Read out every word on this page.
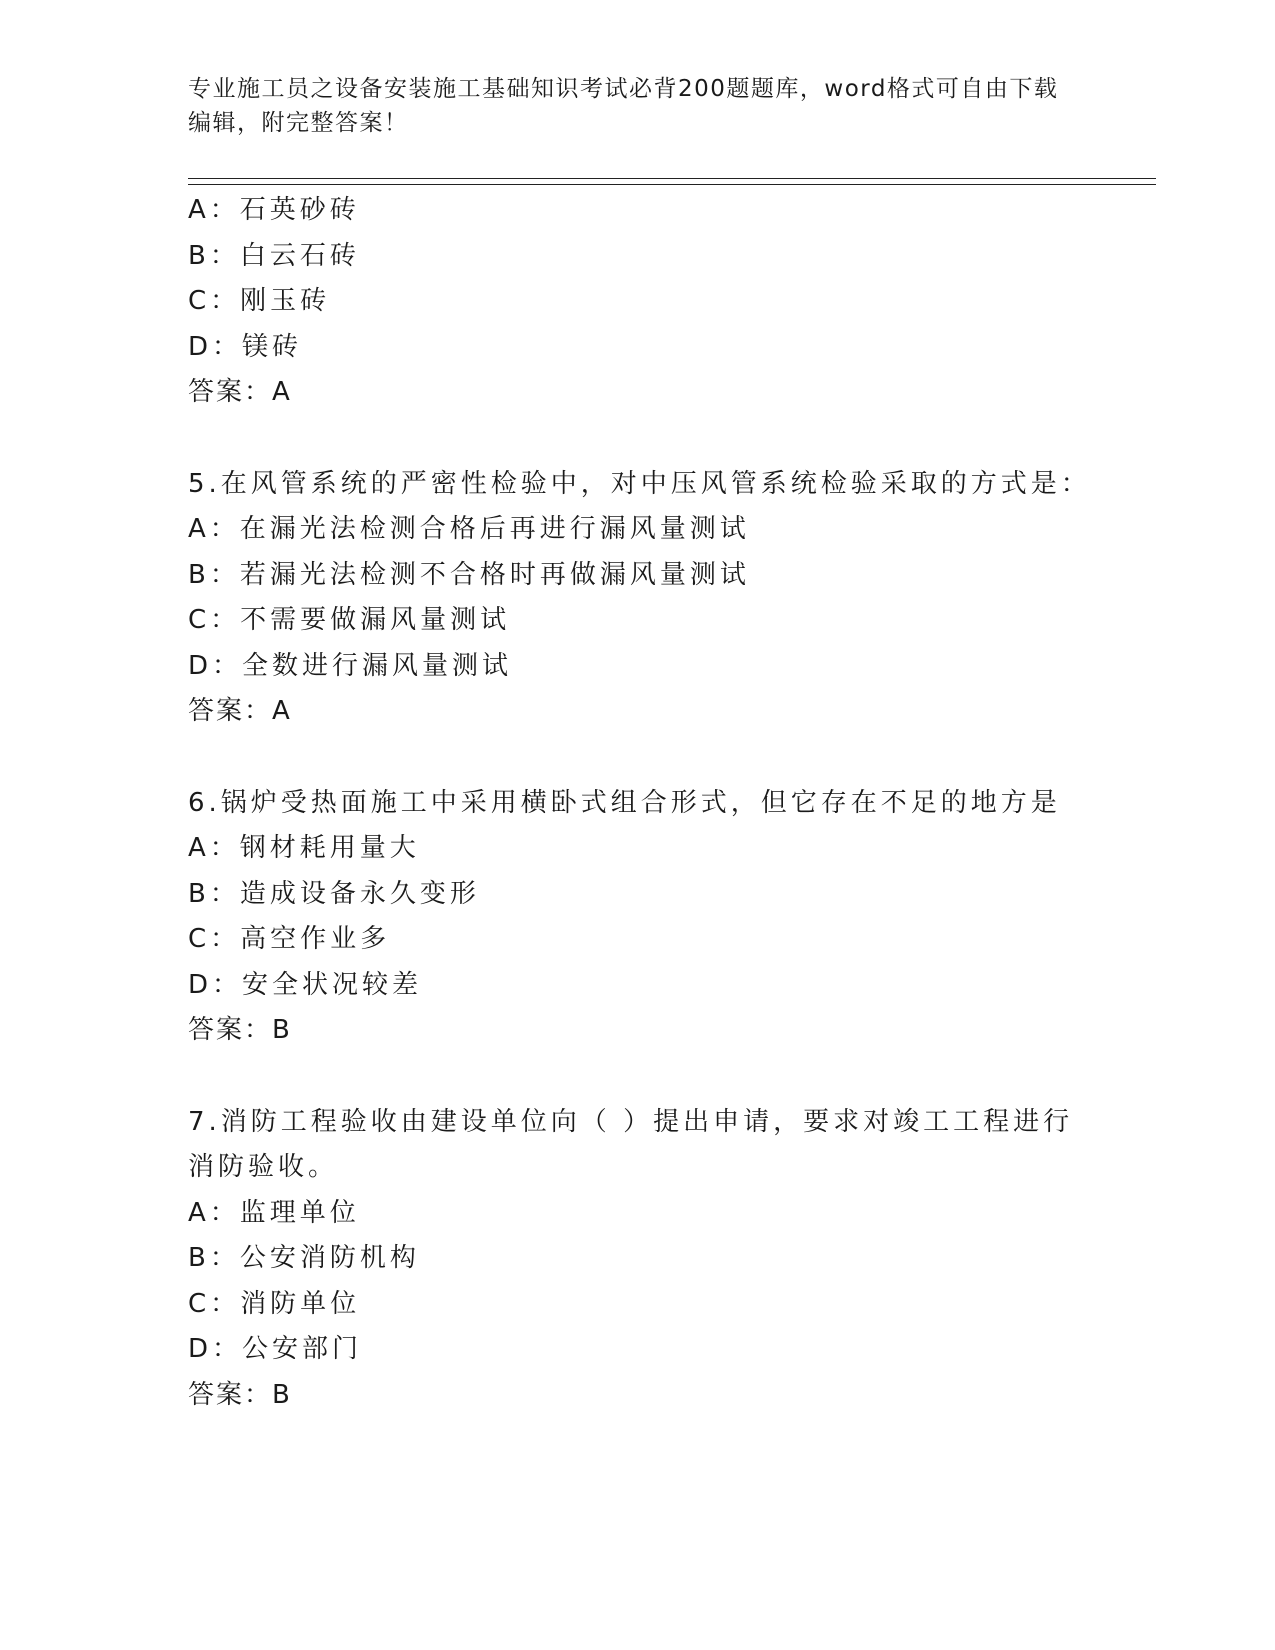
专业施工员之设备安装施工基础知识考试必背200题题库，word格式可自由下载编辑，附完整答案！
A：石英砂砖
B：白云石砖
C：刚玉砖
D：镁砖
答案：A
5.在风管系统的严密性检验中，对中压风管系统检验采取的方式是：
A：在漏光法检测合格后再进行漏风量测试
B：若漏光法检测不合格时再做漏风量测试
C：不需要做漏风量测试
D：全数进行漏风量测试
答案：A
6.锅炉受热面施工中采用横卧式组合形式，但它存在不足的地方是
A：钢材耗用量大
B：造成设备永久变形
C：高空作业多
D：安全状况较差
答案：B
7.消防工程验收由建设单位向（ ）提出申请，要求对竣工工程进行消防验收。
A：监理单位
B：公安消防机构
C：消防单位
D：公安部门
答案：B
